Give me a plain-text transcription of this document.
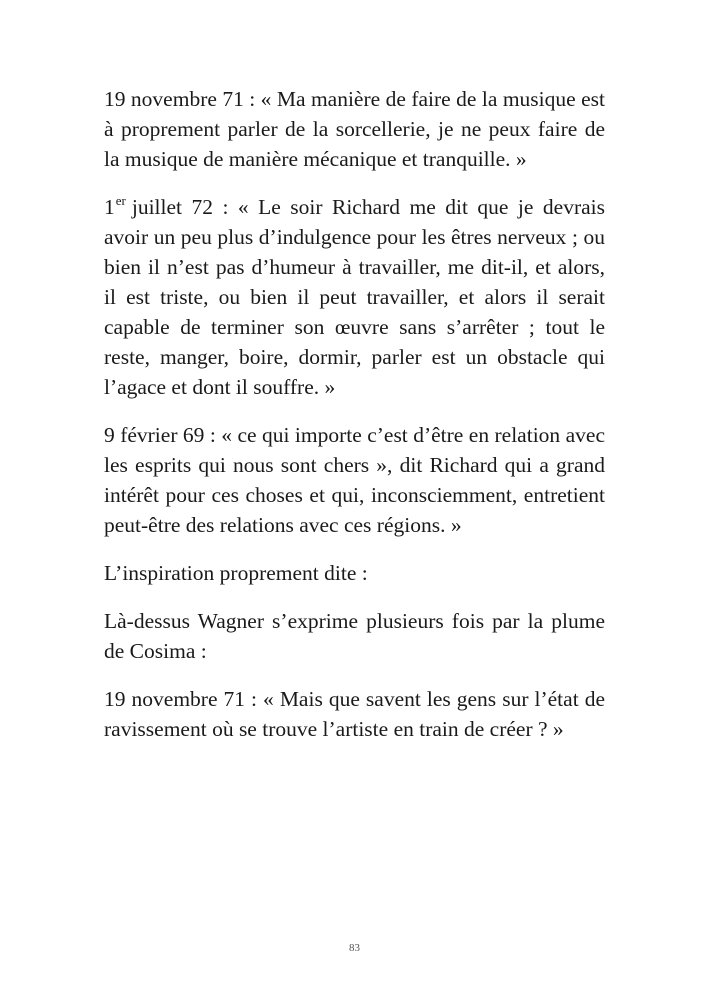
19 novembre 71 : « Ma manière de faire de la musique est à proprement parler de la sorcellerie, je ne peux faire de la musique de manière mécanique et tranquille. »

1er juillet 72 : « Le soir Richard me dit que je devrais avoir un peu plus d’indulgence pour les êtres nerveux ; ou bien il n’est pas d’humeur à travailler, me dit-il, et alors, il est triste, ou bien il peut travailler, et alors il serait capable de terminer son œuvre sans s’arrêter ; tout le reste, manger, boire, dormir, parler est un obstacle qui l’agace et dont il souffre. »

9 février 69 : « ce qui importe c’est d’être en relation avec les esprits qui nous sont chers », dit Richard qui a grand intérêt pour ces choses et qui, inconsciemment, entretient peut-être des relations avec ces régions. »

L’inspiration proprement dite :

Là-dessus Wagner s’exprime plusieurs fois par la plume de Cosima :

19 novembre 71 : « Mais que savent les gens sur l’état de ravissement où se trouve l’artiste en train de créer ? »

83
